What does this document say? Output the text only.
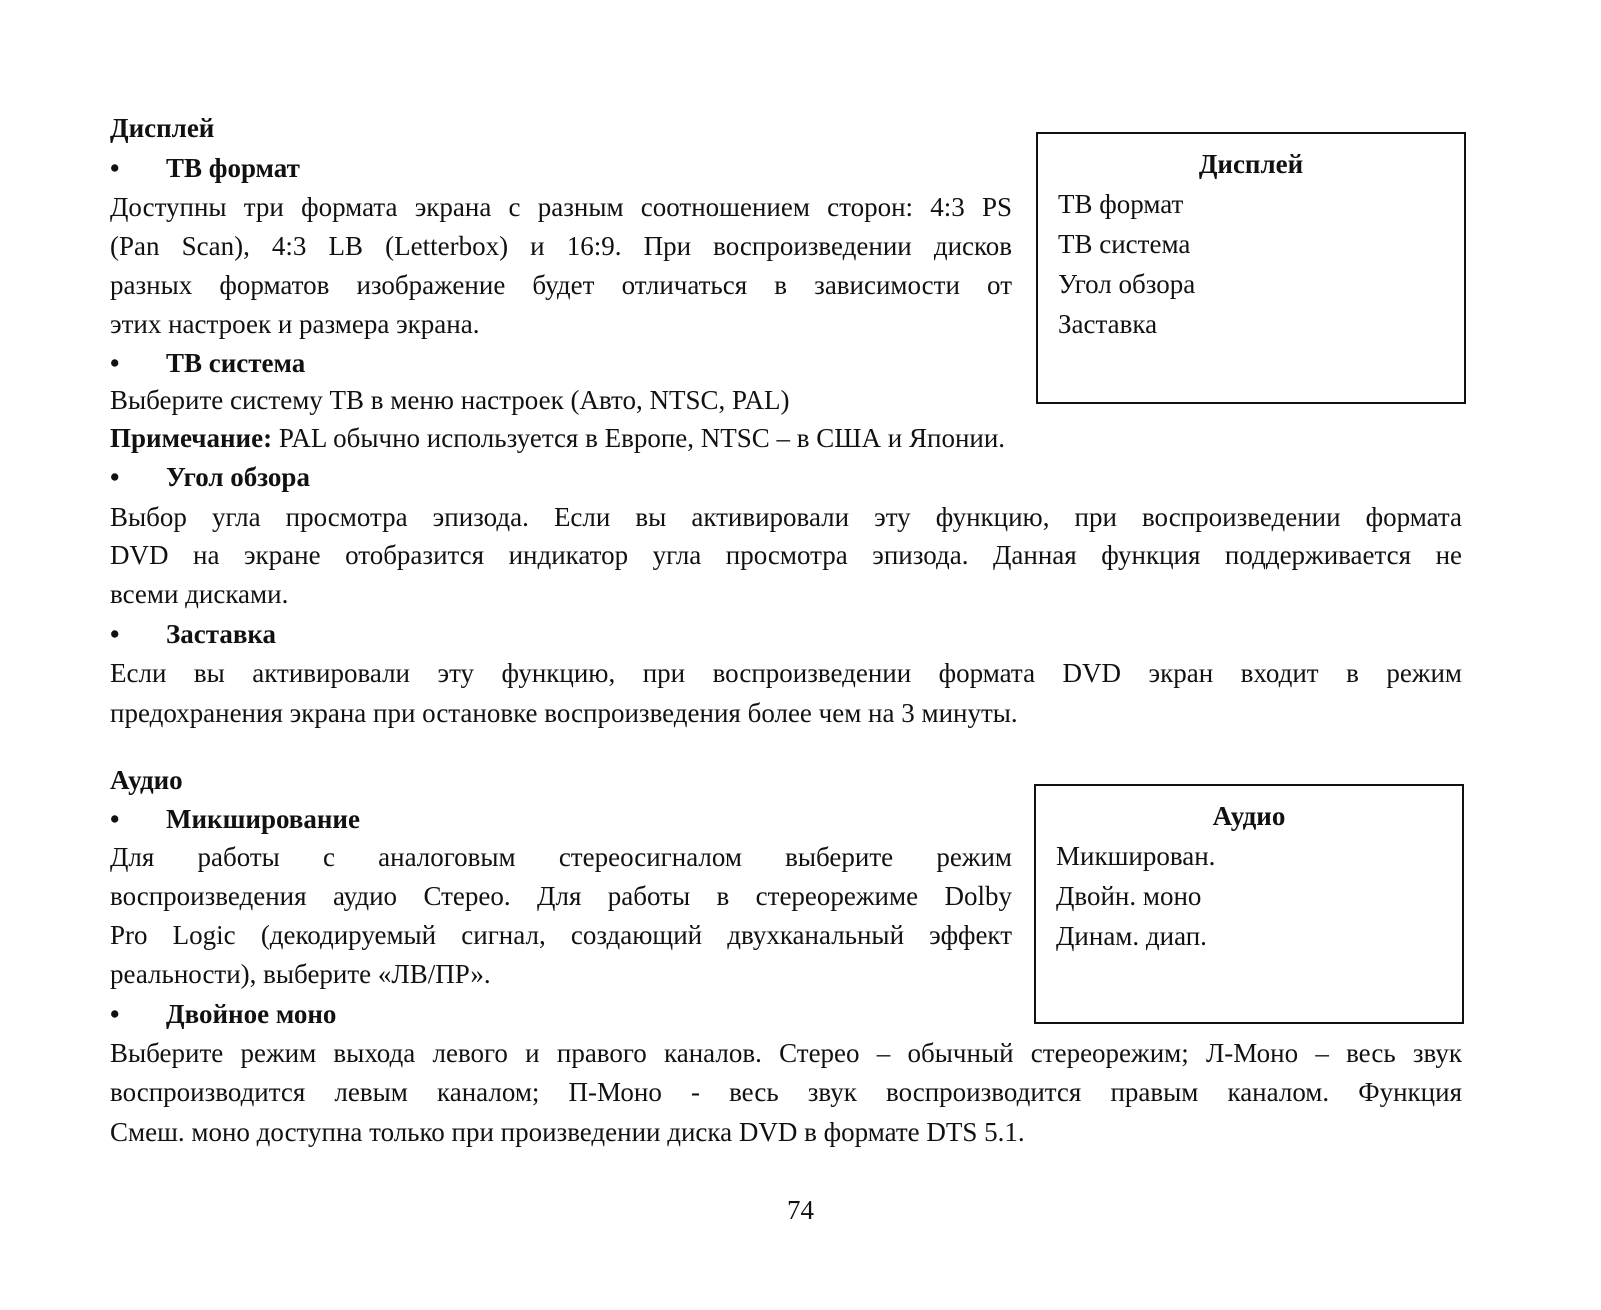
Дисплей
• ТВ формат
Доступны три формата экрана с разным соотношением сторон: 4:3 PS
(Pan Scan), 4:3 LB (Letterbox) и 16:9. При воспроизведении дисков
разных форматов изображение будет отличаться в зависимости от
этих настроек и размера экрана.
• ТВ система
Выберите систему ТВ в меню настроек (Авто, NTSC, PAL)
Примечание: PAL обычно используется в Европе, NTSC – в США и Японии.
• Угол обзора
Выбор угла просмотра эпизода. Если вы активировали эту функцию, при воспроизведении формата
DVD на экране отобразится индикатор угла просмотра эпизода. Данная функция поддерживается не
всеми дисками.
• Заставка
Если вы активировали эту функцию, при воспроизведении формата DVD экран входит в режим
предохранения экрана при остановке воспроизведения более чем на 3 минуты.
Дисплей
ТВ формат
ТВ система
Угол обзора
Заставка
Аудио
• Микширование
Для работы с аналоговым стереосигналом выберите режим
воспроизведения аудио Стерео. Для работы в стереорежиме Dolby
Pro Logic (декодируемый сигнал, создающий двухканальный эффект
реальности), выберите «ЛВ/ПР».
• Двойное моно
Выберите режим выхода левого и правого каналов. Стерео – обычный стереорежим; Л-Моно – весь звук
воспроизводится левым каналом; П-Моно - весь звук воспроизводится правым каналом. Функция
Смеш. моно доступна только при произведении диска DVD в формате DTS 5.1.
Аудио
Микширован.
Двойн. моно
Динам. диап.
74
